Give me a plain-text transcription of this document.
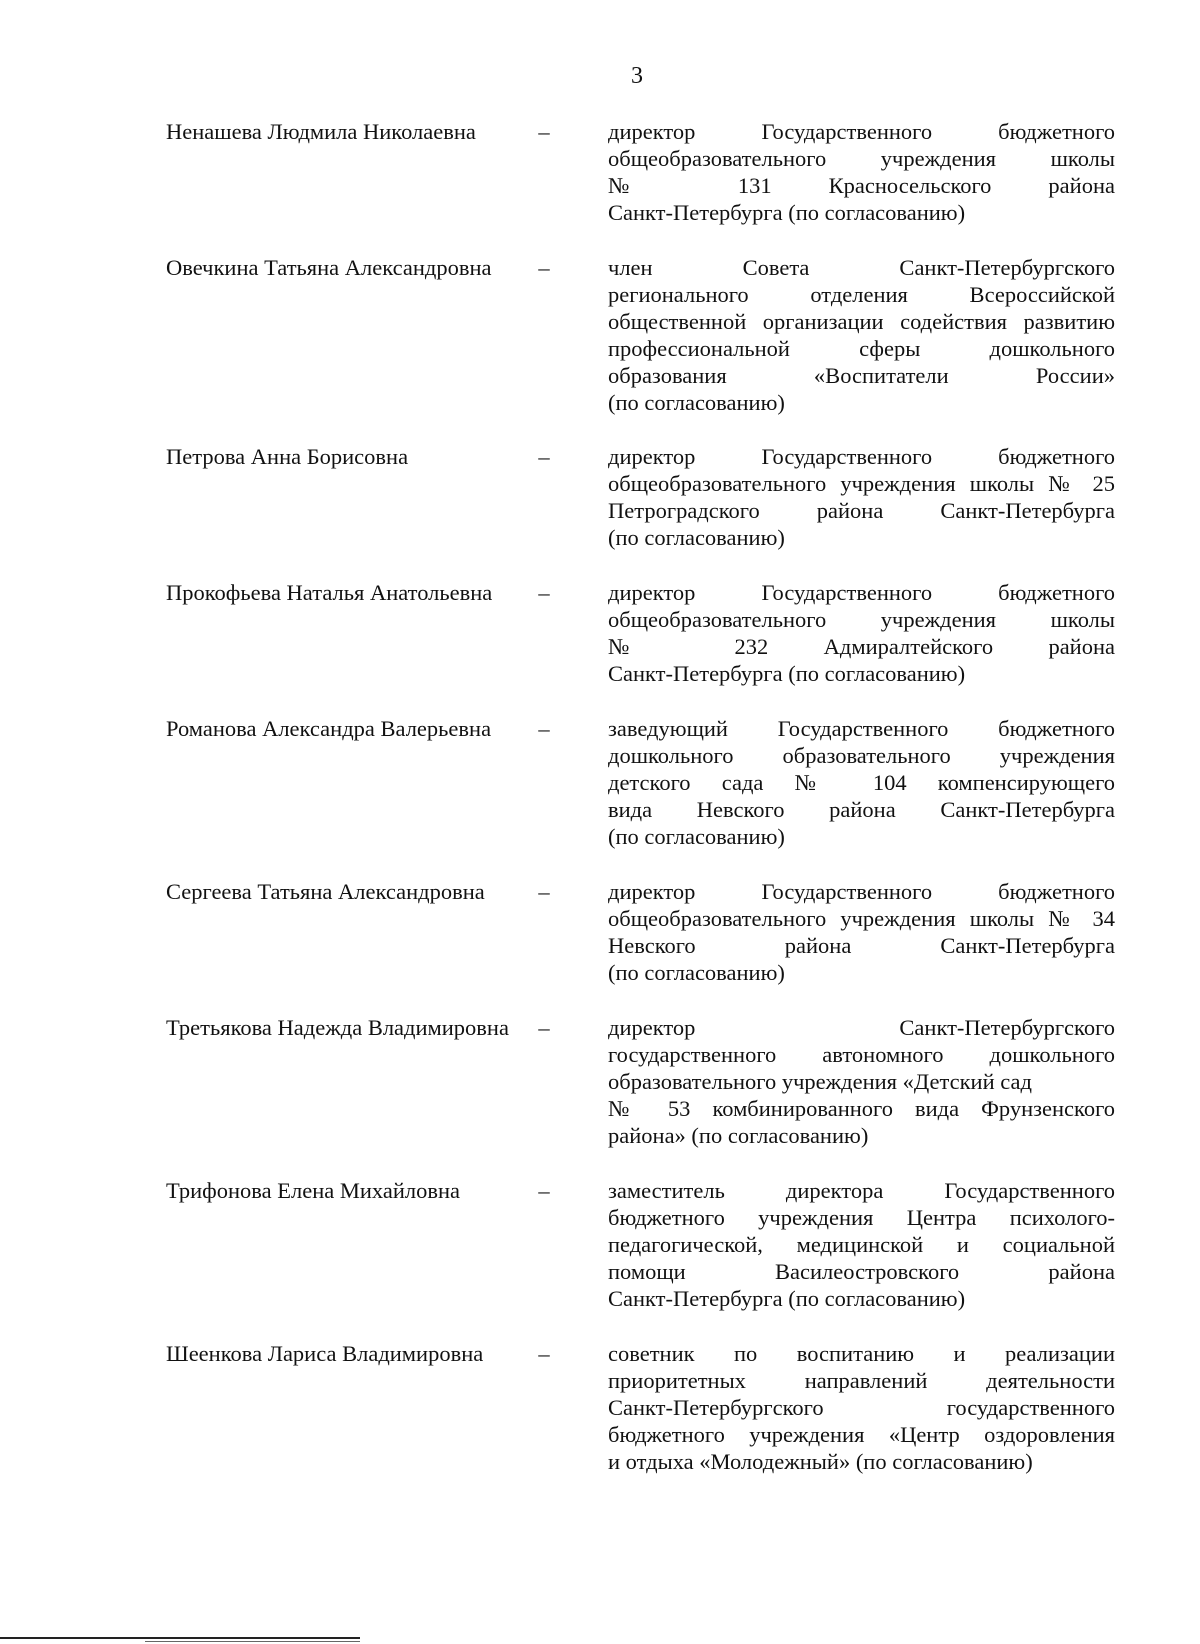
3
Ненашева Людмила Николаевна	–	директор Государственного бюджетного
общеобразовательного учреждения школы
№ 131 Красносельского района
Санкт-Петербурга (по согласованию)
Овечкина Татьяна Александровна –	член Совета Санкт-Петербургского
регионального отделения Всероссийской
общественной организации содействия развитию
профессиональной сферы дошкольного
образования «Воспитатели России»
(по согласованию)
Петрова Анна Борисовна	–	директор Государственного бюджетного
общеобразовательного учреждения школы № 25
Петроградского района Санкт-Петербурга
(по согласованию)
Прокофьева Наталья Анатольевна –	директор Государственного бюджетного
общеобразовательного учреждения школы
№ 232 Адмиралтейского района
Санкт-Петербурга (по согласованию)
Романова Александра Валерьевна –	заведующий Государственного бюджетного
дошкольного образовательного учреждения
детского сада № 104 компенсирующего
вида Невского района Санкт-Петербурга
(по согласованию)
Сергеева Татьяна Александровна –	директор Государственного бюджетного
общеобразовательного учреждения школы № 34
Невского района Санкт-Петербурга
(по согласованию)
Третьякова Надежда Владимировна –	директор Санкт-Петербургского
государственного автономного дошкольного
образовательного учреждения «Детский сад
№ 53 комбинированного вида Фрунзенского
района» (по согласованию)
Трифонова Елена Михайловна	–	заместитель директора Государственного
бюджетного учреждения Центра психолого-
педагогической, медицинской и социальной
помощи Василеостровского района
Санкт-Петербурга (по согласованию)
Шеенкова Лариса Владимировна –	советник по воспитанию и реализации
приоритетных направлений деятельности
Санкт-Петербургского государственного
бюджетного учреждения «Центр оздоровления
и отдыха «Молодежный» (по согласованию)
